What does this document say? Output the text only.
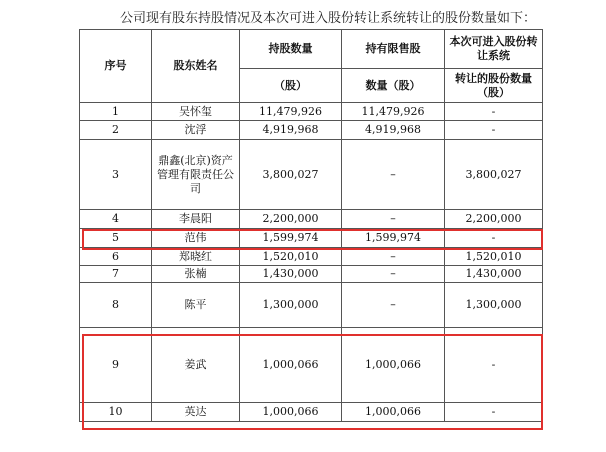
公司现有股东持股情况及本次可进入股份转让系统转让的股份数量如下：
序号	股东姓名	持股数量	持有限售股	本次可进入股份转让系统
		（股）	数量（股）	转让的股份数量（股）
1	吴怀玺	11,479,926	11,479,926	-
2	沈浮	4,919,968	4,919,968	-
3	鼎鑫(北京)资产管理有限责任公司	3,800,027	–	3,800,027
4	李晨阳	2,200,000	–	2,200,000
5	范伟	1,599,974	1,599,974	-
6	郑晓红	1,520,010	–	1,520,010
7	张楠	1,430,000	–	1,430,000
8	陈平	1,300,000	–	1,300,000
9	姜武	1,000,066	1,000,066	-
10	英达	1,000,066	1,000,066	-
